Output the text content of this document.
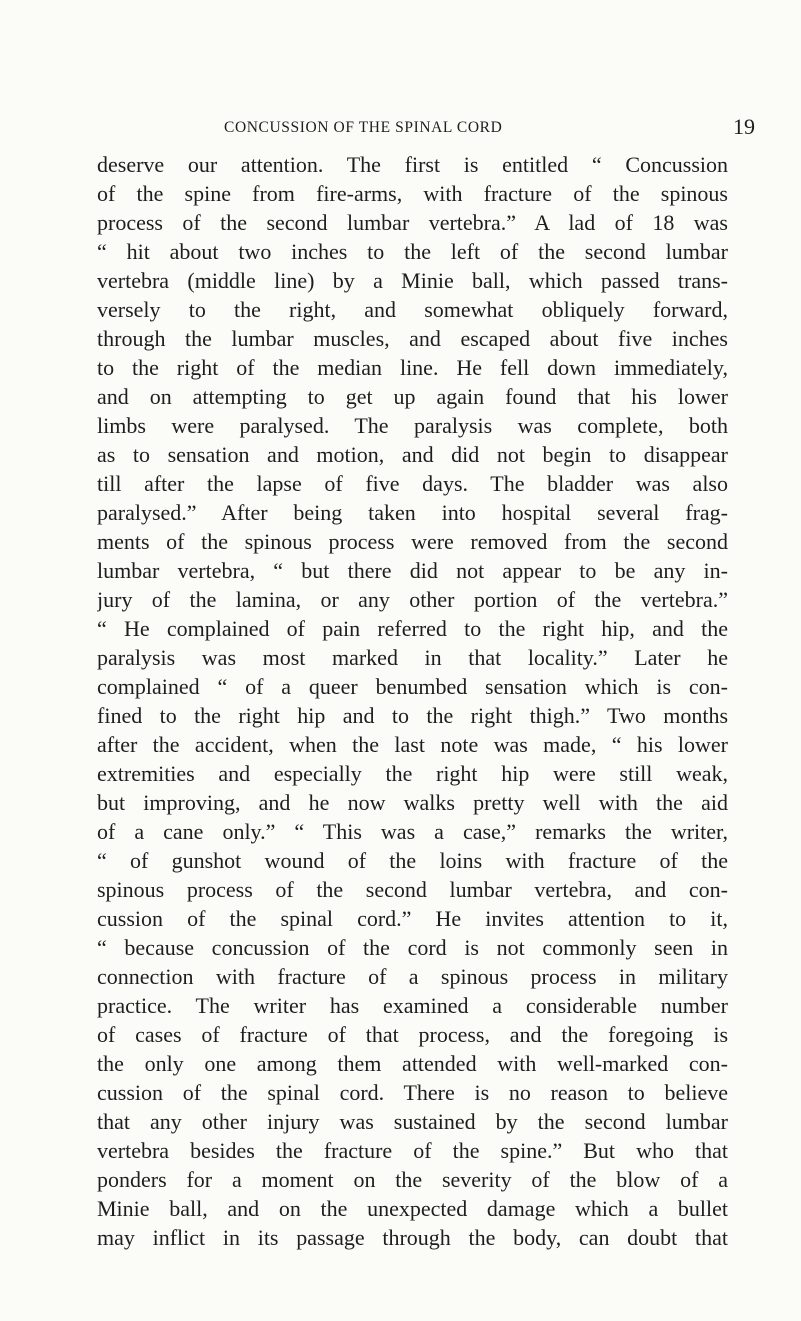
CONCUSSION OF THE SPINAL CORD	19
deserve our attention. The first is entitled “ Concussion
of the spine from fire-arms, with fracture of the spinous
process of the second lumbar vertebra.” A lad of 18 was
“ hit about two inches to the left of the second lumbar
vertebra (middle line) by a Minie ball, which passed trans-
versely to the right, and somewhat obliquely forward,
through the lumbar muscles, and escaped about five inches
to the right of the median line. He fell down immediately,
and on attempting to get up again found that his lower
limbs were paralysed. The paralysis was complete, both
as to sensation and motion, and did not begin to disappear
till after the lapse of five days. The bladder was also
paralysed.” After being taken into hospital several frag-
ments of the spinous process were removed from the second
lumbar vertebra, “ but there did not appear to be any in-
jury of the lamina, or any other portion of the vertebra.”
“ He complained of pain referred to the right hip, and the
paralysis was most marked in that locality.” Later he
complained “ of a queer benumbed sensation which is con-
fined to the right hip and to the right thigh.” Two months
after the accident, when the last note was made, “ his lower
extremities and especially the right hip were still weak,
but improving, and he now walks pretty well with the aid
of a cane only.” “ This was a case,” remarks the writer,
“ of gunshot wound of the loins with fracture of the
spinous process of the second lumbar vertebra, and con-
cussion of the spinal cord.” He invites attention to it,
“ because concussion of the cord is not commonly seen in
connection with fracture of a spinous process in military
practice. The writer has examined a considerable number
of cases of fracture of that process, and the foregoing is
the only one among them attended with well-marked con-
cussion of the spinal cord. There is no reason to believe
that any other injury was sustained by the second lumbar
vertebra besides the fracture of the spine.” But who that
ponders for a moment on the severity of the blow of a
Minie ball, and on the unexpected damage which a bullet
may inflict in its passage through the body, can doubt that
